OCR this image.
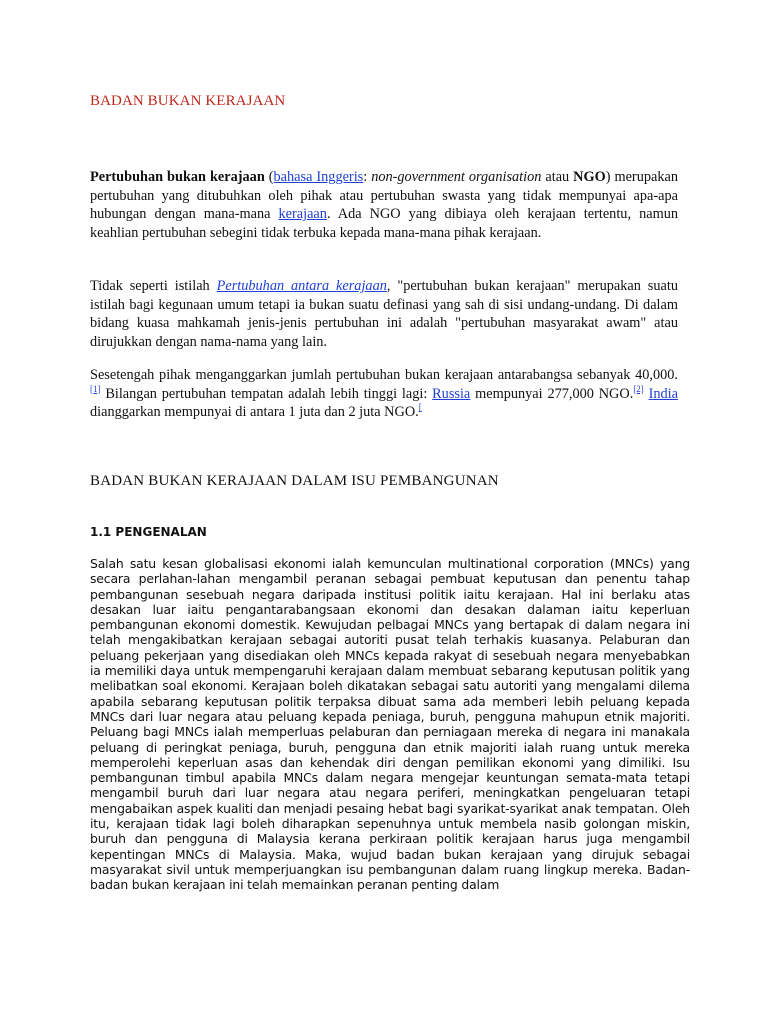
BADAN BUKAN KERAJAAN

Pertubuhan bukan kerajaan (bahasa Inggeris: non-government organisation atau NGO) merupakan pertubuhan yang ditubuhkan oleh pihak atau pertubuhan swasta yang tidak mempunyai apa-apa hubungan dengan mana-mana kerajaan. Ada NGO yang dibiaya oleh kerajaan tertentu, namun keahlian pertubuhan sebegini tidak terbuka kepada mana-mana pihak kerajaan.

Tidak seperti istilah Pertubuhan antara kerajaan, "pertubuhan bukan kerajaan" merupakan suatu istilah bagi kegunaan umum tetapi ia bukan suatu definasi yang sah di sisi undang-undang. Di dalam bidang kuasa mahkamah jenis-jenis pertubuhan ini adalah "pertubuhan masyarakat awam" atau dirujukkan dengan nama-nama yang lain.

Sesetengah pihak menganggarkan jumlah pertubuhan bukan kerajaan antarabangsa sebanyak 40,000.[1] Bilangan pertubuhan tempatan adalah lebih tinggi lagi: Russia mempunyai 277,000 NGO.[2] India dianggarkan mempunyai di antara 1 juta dan 2 juta NGO.[

BADAN BUKAN KERAJAAN DALAM ISU PEMBANGUNAN
1.1 PENGENALAN

Salah satu kesan globalisasi ekonomi ialah kemunculan multinational corporation (MNCs) yang secara perlahan-lahan mengambil peranan sebagai pembuat keputusan dan penentu tahap pembangunan sesebuah negara daripada institusi politik iaitu kerajaan. Hal ini berlaku atas desakan luar iaitu pengantarabangsaan ekonomi dan desakan dalaman iaitu keperluan pembangunan ekonomi domestik. Kewujudan pelbagai MNCs yang bertapak di dalam negara ini telah mengakibatkan kerajaan sebagai autoriti pusat telah terhakis kuasanya. Pelaburan dan peluang pekerjaan yang disediakan oleh MNCs kepada rakyat di sesebuah negara menyebabkan ia memiliki daya untuk mempengaruhi kerajaan dalam membuat sebarang keputusan politik yang melibatkan soal ekonomi. Kerajaan boleh dikatakan sebagai satu autoriti yang mengalami dilema apabila sebarang keputusan politik terpaksa dibuat sama ada memberi lebih peluang kepada MNCs dari luar negara atau peluang kepada peniaga, buruh, pengguna mahupun etnik majoriti. Peluang bagi MNCs ialah memperluas pelaburan dan perniagaan mereka di negara ini manakala peluang di peringkat peniaga, buruh, pengguna dan etnik majoriti ialah ruang untuk mereka memperolehi keperluan asas dan kehendak diri dengan pemilikan ekonomi yang dimiliki. Isu pembangunan timbul apabila MNCs dalam negara mengejar keuntungan semata-mata tetapi mengambil buruh dari luar negara atau negara periferi, meningkatkan pengeluaran tetapi mengabaikan aspek kualiti dan menjadi pesaing hebat bagi syarikat-syarikat anak tempatan. Oleh itu, kerajaan tidak lagi boleh diharapkan sepenuhnya untuk membela nasib golongan miskin, buruh dan pengguna di Malaysia kerana perkiraan politik kerajaan harus juga mengambil kepentingan MNCs di Malaysia. Maka, wujud badan bukan kerajaan yang dirujuk sebagai masyarakat sivil untuk memperjuangkan isu pembangunan dalam ruang lingkup mereka. Badan-badan bukan kerajaan ini telah memainkan peranan penting dalam
